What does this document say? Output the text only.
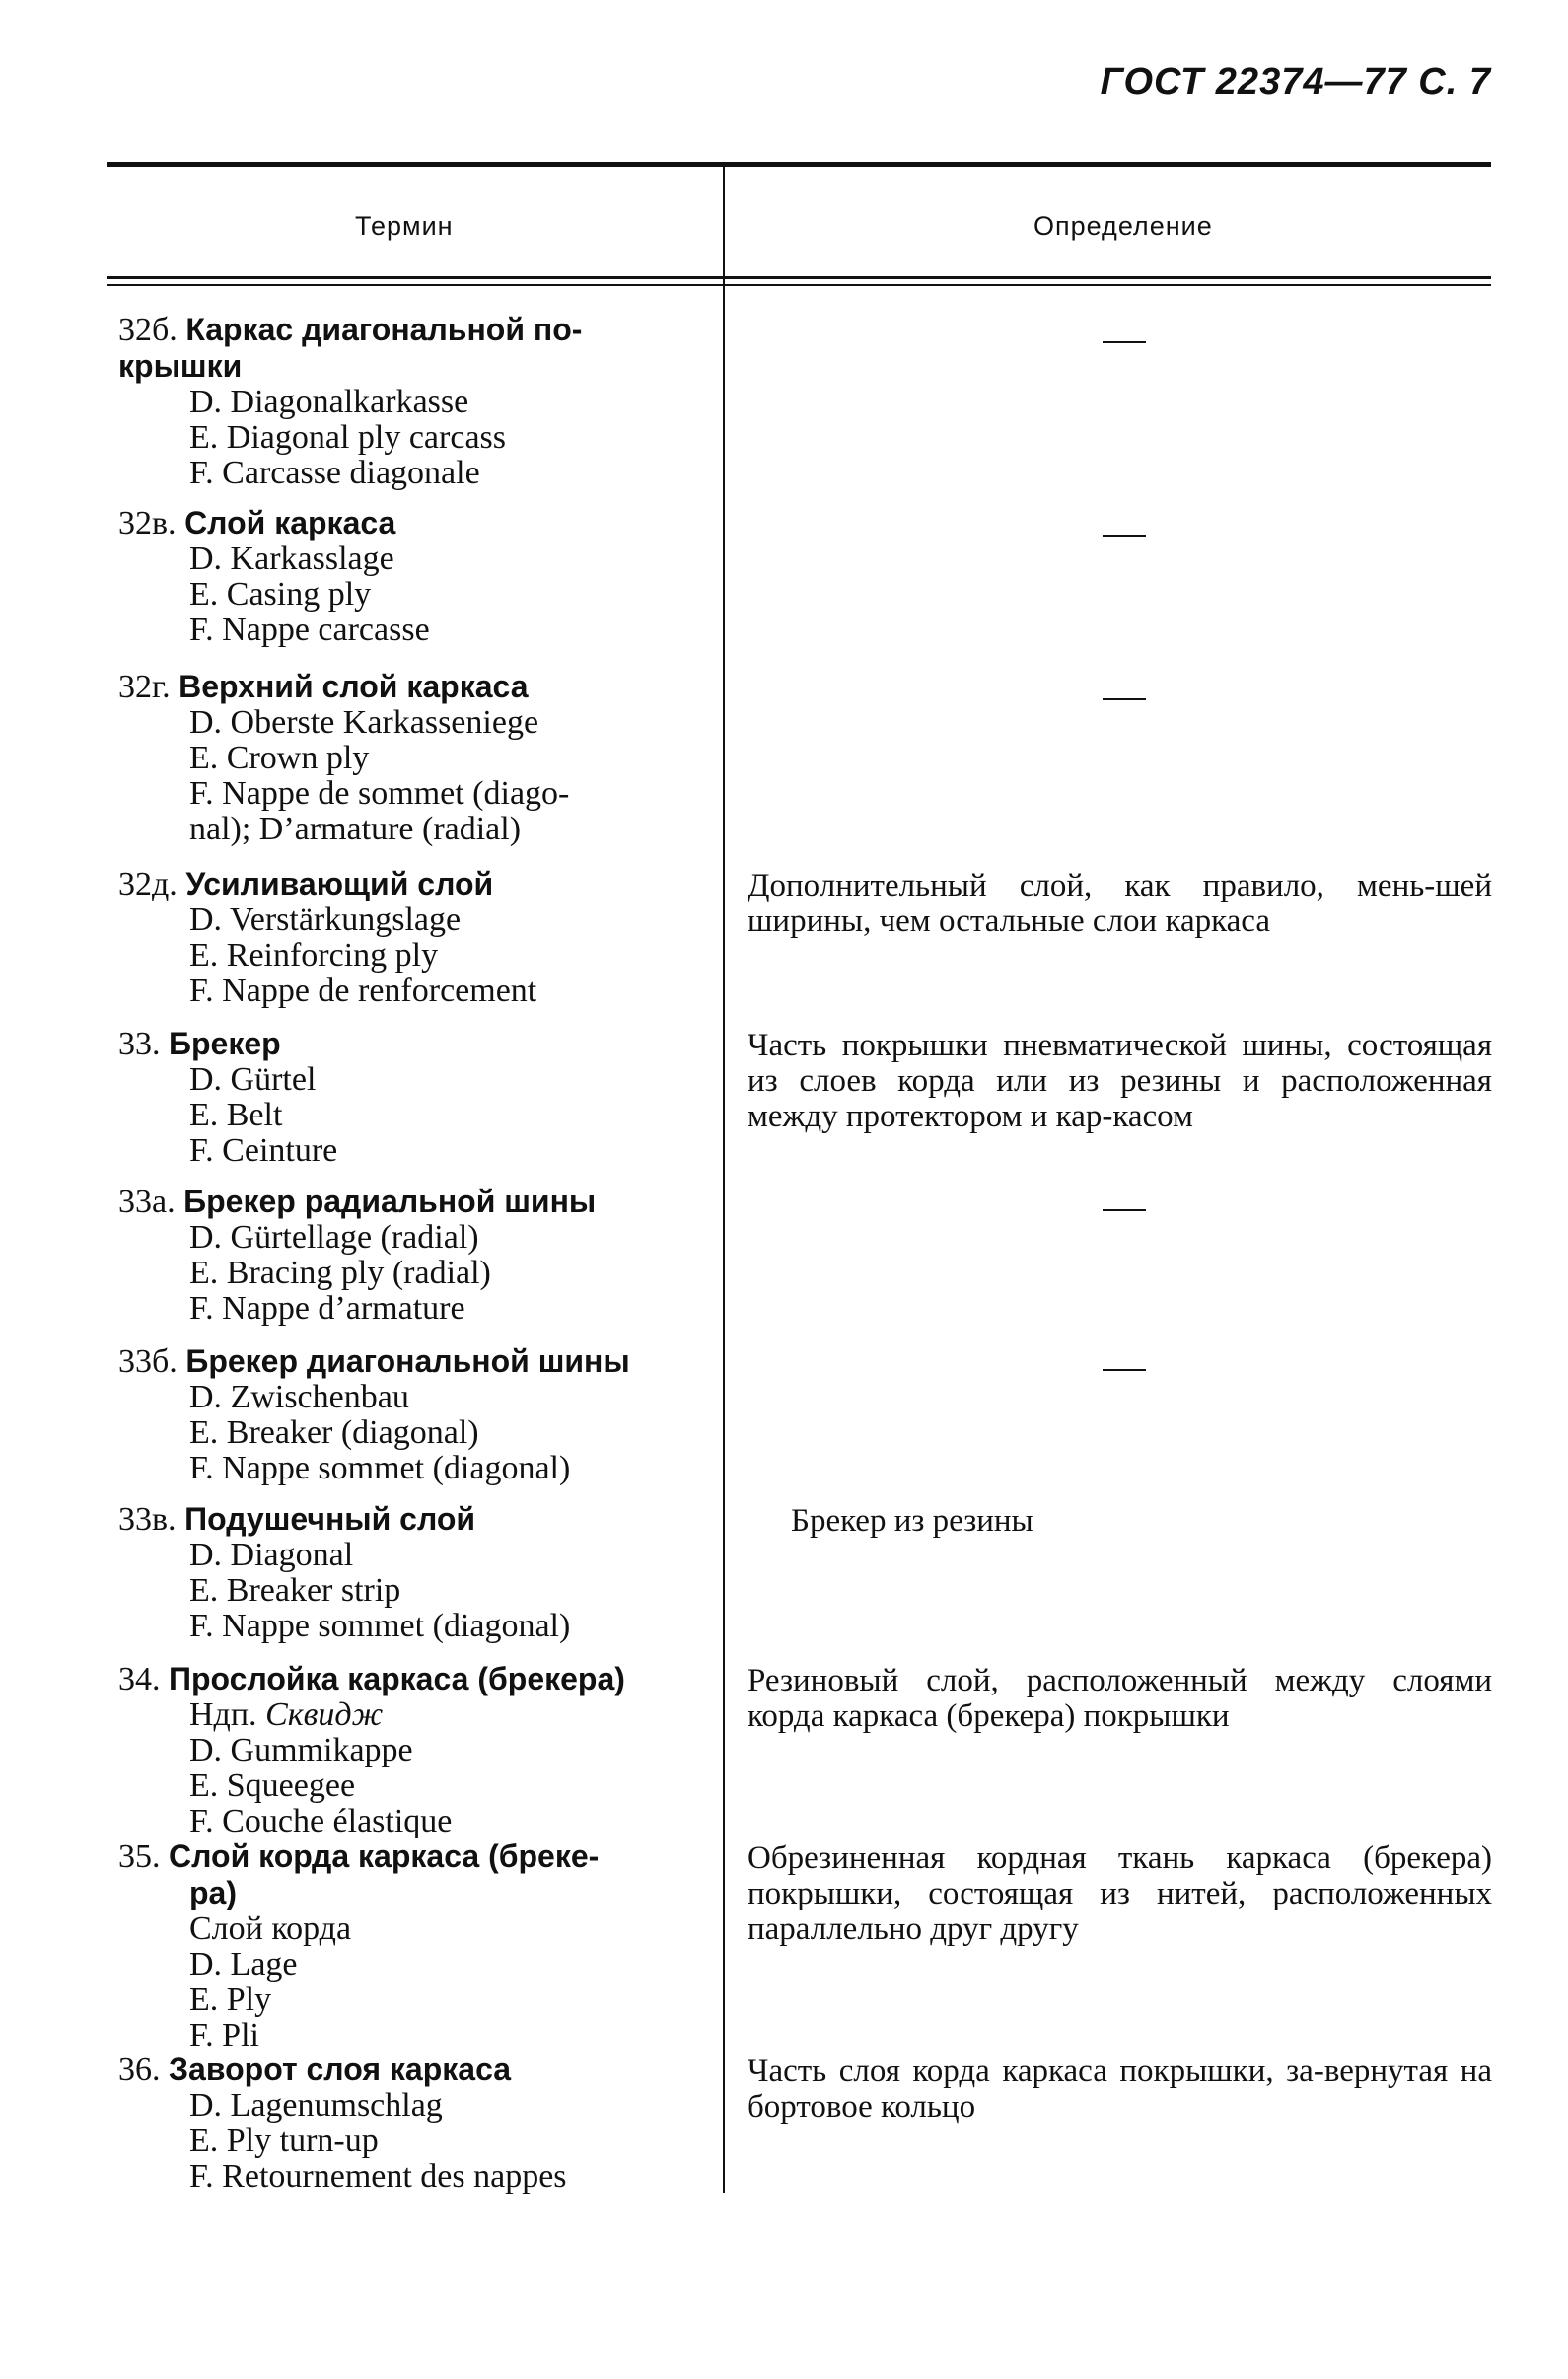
ГОСТ 22374—77 С. 7
Термин	Определение
32б. Каркас диагональной по-
крышки
D. Diagonalkarkasse
E. Diagonal ply carcass
F. Carcasse diagonale
32в. Слой каркаса
D. Karkasslage
E. Casing ply
F. Nappe carcasse
32г. Верхний слой каркаса
D. Oberste Karkasseniege
E. Crown ply
F. Nappe de sommet (diago-
nal); D’armature (radial)
32д. Усиливающий слой
D. Verstärkungslage
E. Reinforcing ply
F. Nappe de renforcement
Дополнительный слой, как правило, мень-шей ширины, чем остальные слои каркаса
33. Брекер
D. Gürtel
E. Belt
F. Ceinture
Часть покрышки пневматической шины, состоящая из слоев корда или из резины и расположенная между протектором и кар-касом
33а. Брекер радиальной шины
D. Gürtellage (radial)
E. Bracing ply (radial)
F. Nappe d’armature
33б. Брекер диагональной шины
D. Zwischenbau
E. Breaker (diagonal)
F. Nappe sommet (diagonal)
33в. Подушечный слой
D. Diagonal
E. Breaker strip
F. Nappe sommet (diagonal)
Брекер из резины
34. Прослойка каркаса (брекера)
Ндп. Сквидж
D. Gummikappe
E. Squeegee
F. Couche élastique
Резиновый слой, расположенный между слоями корда каркаса (брекера) покрышки
35. Слой корда каркаса (бреке-
ра)
Слой корда
D. Lage
E. Ply
F. Pli
Обрезиненная кордная ткань каркаса (брекера) покрышки, состоящая из нитей, расположенных параллельно друг другу
36. Заворот слоя каркаса
D. Lagenumschlag
E. Ply turn-up
F. Retournement des nappes
Часть слоя корда каркаса покрышки, за-вернутая на бортовое кольцо
